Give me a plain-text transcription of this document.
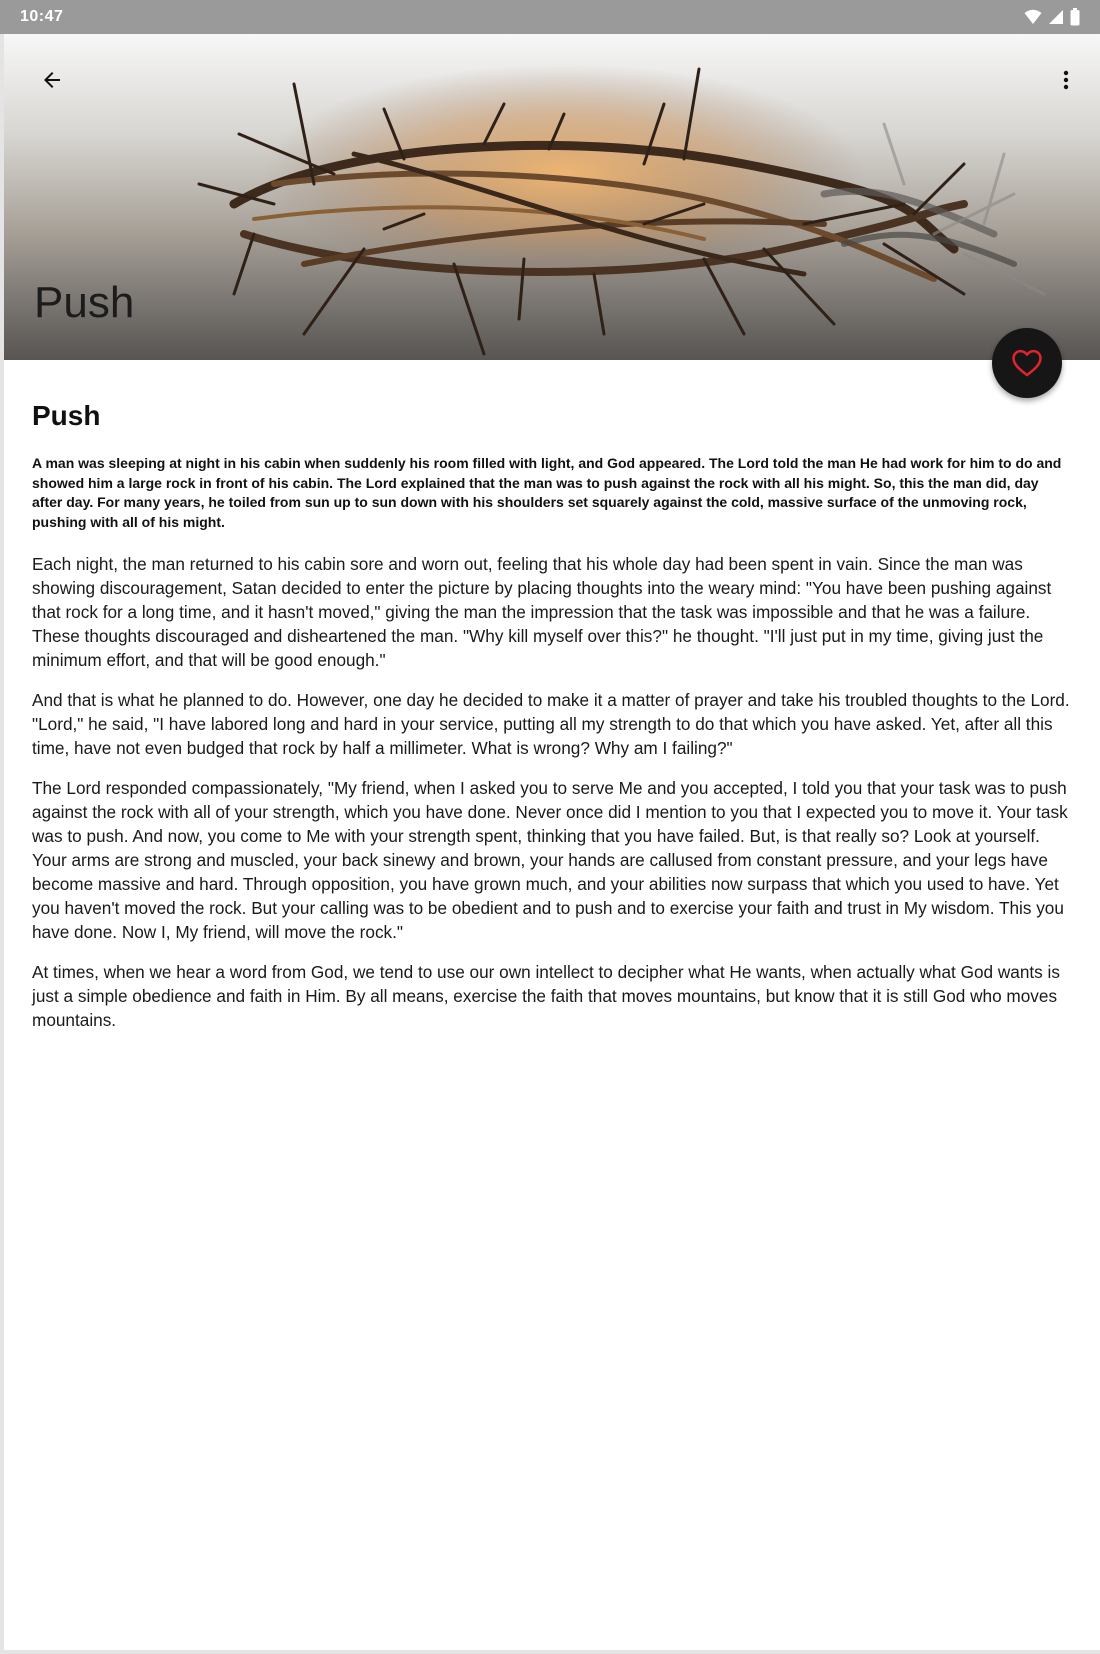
10:47
Push
Push

A man was sleeping at night in his cabin when suddenly his room filled with light, and God appeared. The Lord told the man He had work for him to do and showed him a large rock in front of his cabin. The Lord explained that the man was to push against the rock with all his might. So, this the man did, day after day. For many years, he toiled from sun up to sun down with his shoulders set squarely against the cold, massive surface of the unmoving rock, pushing with all of his might.

Each night, the man returned to his cabin sore and worn out, feeling that his whole day had been spent in vain. Since the man was showing discouragement, Satan decided to enter the picture by placing thoughts into the weary mind: "You have been pushing against that rock for a long time, and it hasn't moved," giving the man the impression that the task was impossible and that he was a failure. These thoughts discouraged and disheartened the man. "Why kill myself over this?" he thought. "I'll just put in my time, giving just the minimum effort, and that will be good enough."

And that is what he planned to do. However, one day he decided to make it a matter of prayer and take his troubled thoughts to the Lord. "Lord," he said, "I have labored long and hard in your service, putting all my strength to do that which you have asked. Yet, after all this time, have not even budged that rock by half a millimeter. What is wrong? Why am I failing?"

The Lord responded compassionately, "My friend, when I asked you to serve Me and you accepted, I told you that your task was to push against the rock with all of your strength, which you have done. Never once did I mention to you that I expected you to move it. Your task was to push. And now, you come to Me with your strength spent, thinking that you have failed. But, is that really so? Look at yourself. Your arms are strong and muscled, your back sinewy and brown, your hands are callused from constant pressure, and your legs have become massive and hard. Through opposition, you have grown much, and your abilities now surpass that which you used to have. Yet you haven't moved the rock. But your calling was to be obedient and to push and to exercise your faith and trust in My wisdom. This you have done. Now I, My friend, will move the rock."

At times, when we hear a word from God, we tend to use our own intellect to decipher what He wants, when actually what God wants is just a simple obedience and faith in Him. By all means, exercise the faith that moves mountains, but know that it is still God who moves mountains.
